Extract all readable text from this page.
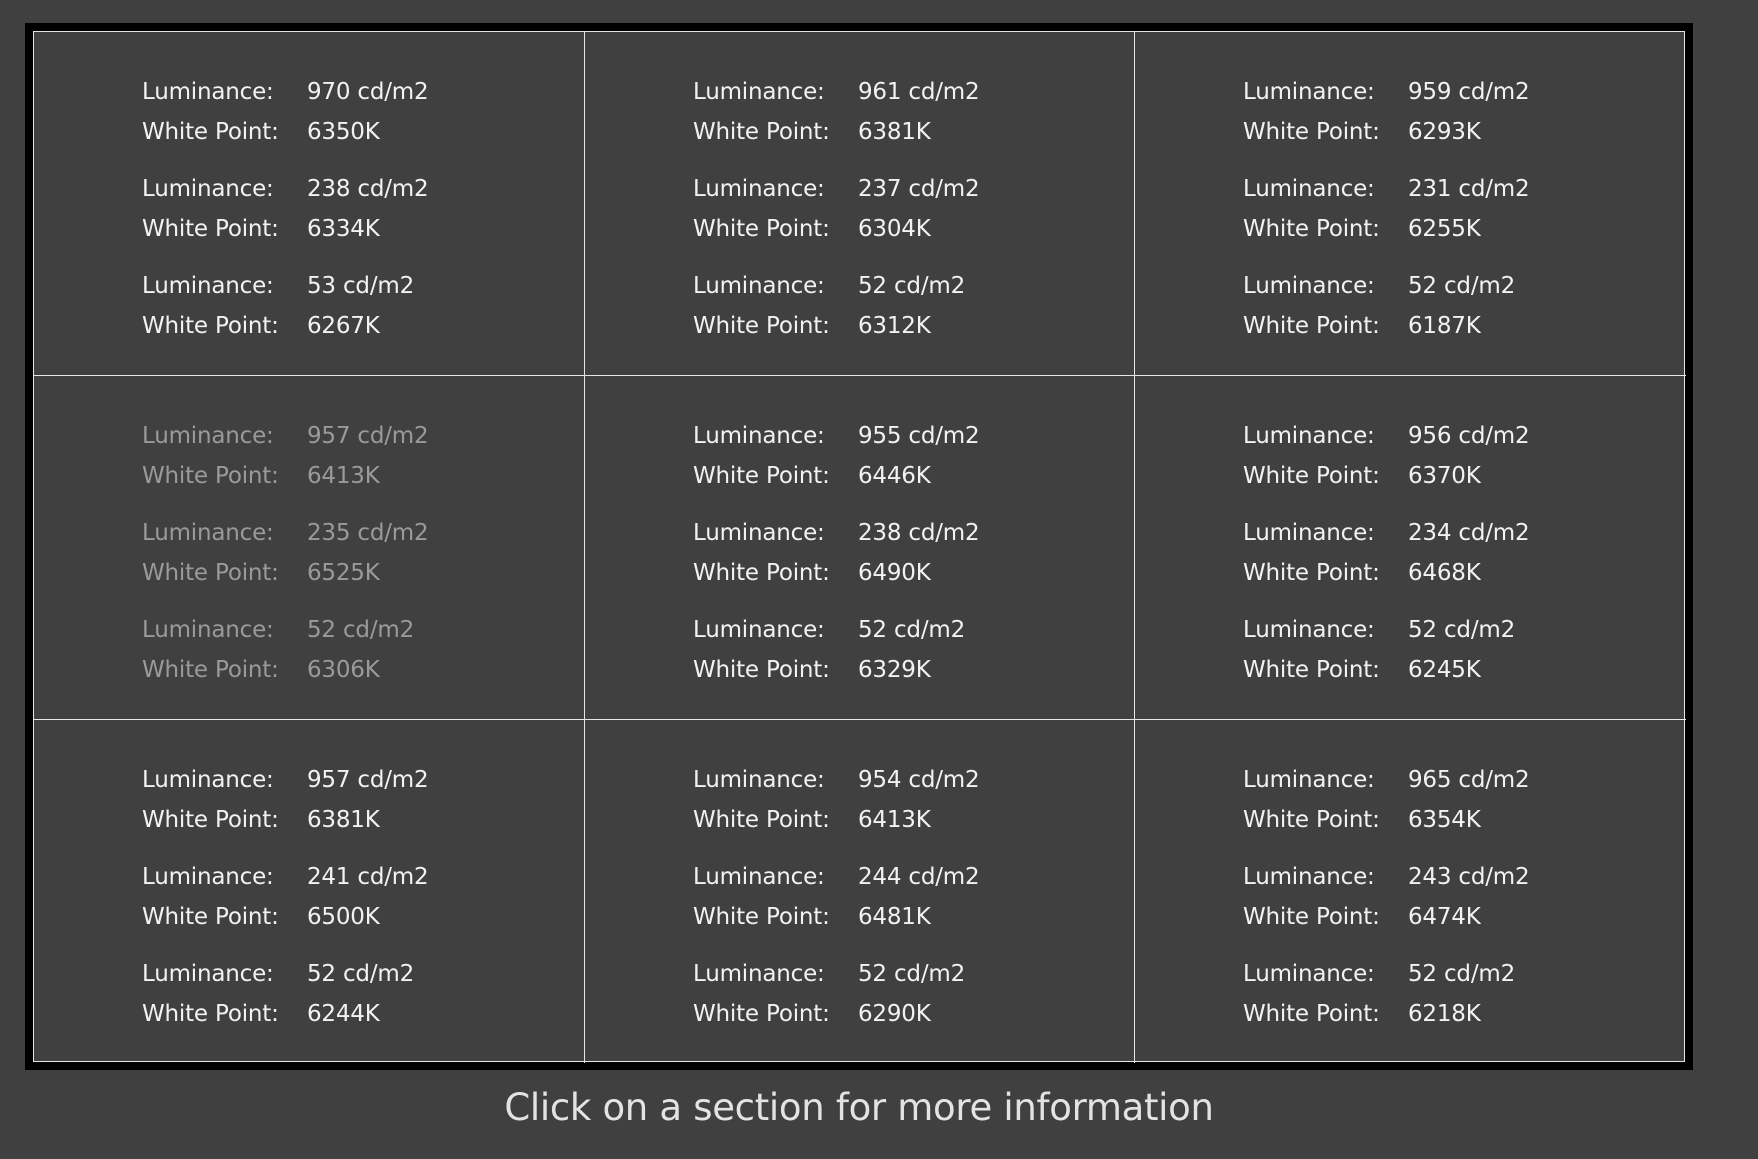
Luminance:	970 cd/m2
White Point:	6350K
Luminance:	238 cd/m2
White Point:	6334K
Luminance:	53 cd/m2
White Point:	6267K
Luminance:	961 cd/m2
White Point:	6381K
Luminance:	237 cd/m2
White Point:	6304K
Luminance:	52 cd/m2
White Point:	6312K
Luminance:	959 cd/m2
White Point:	6293K
Luminance:	231 cd/m2
White Point:	6255K
Luminance:	52 cd/m2
White Point:	6187K
Luminance:	957 cd/m2
White Point:	6413K
Luminance:	235 cd/m2
White Point:	6525K
Luminance:	52 cd/m2
White Point:	6306K
Luminance:	955 cd/m2
White Point:	6446K
Luminance:	238 cd/m2
White Point:	6490K
Luminance:	52 cd/m2
White Point:	6329K
Luminance:	956 cd/m2
White Point:	6370K
Luminance:	234 cd/m2
White Point:	6468K
Luminance:	52 cd/m2
White Point:	6245K
Luminance:	957 cd/m2
White Point:	6381K
Luminance:	241 cd/m2
White Point:	6500K
Luminance:	52 cd/m2
White Point:	6244K
Luminance:	954 cd/m2
White Point:	6413K
Luminance:	244 cd/m2
White Point:	6481K
Luminance:	52 cd/m2
White Point:	6290K
Luminance:	965 cd/m2
White Point:	6354K
Luminance:	243 cd/m2
White Point:	6474K
Luminance:	52 cd/m2
White Point:	6218K
Click on a section for more information
